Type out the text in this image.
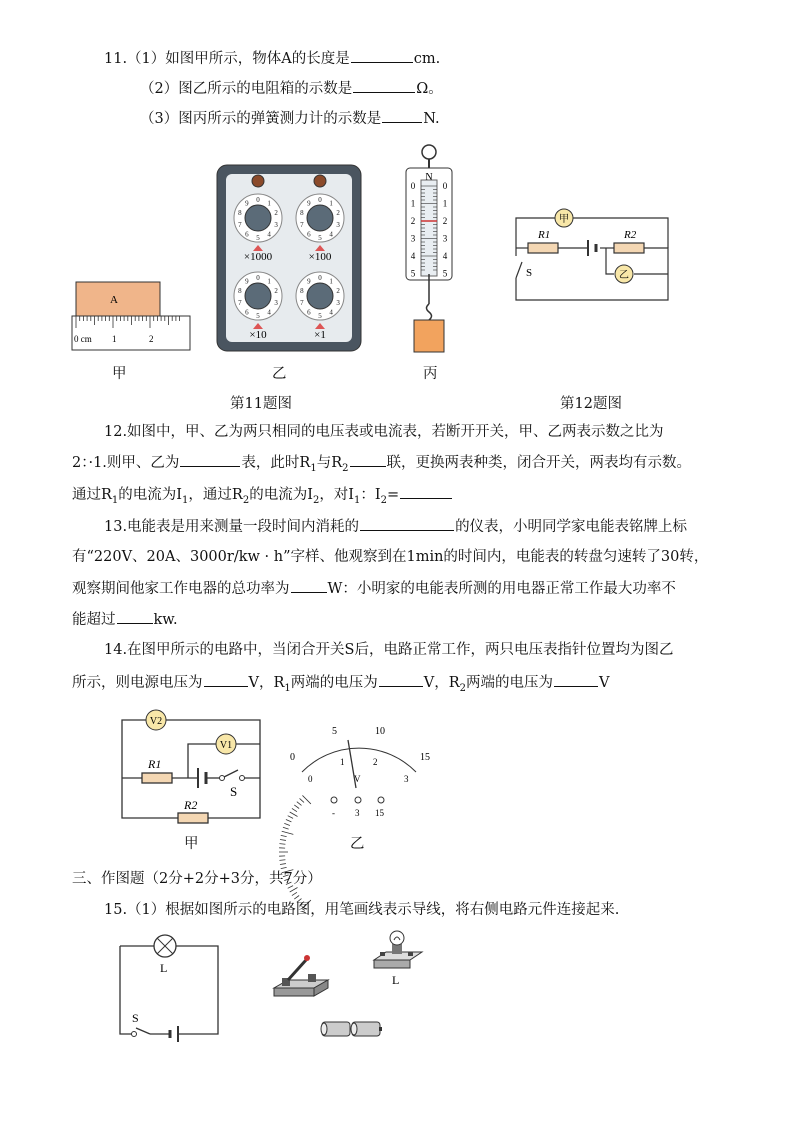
11.（1）如图甲所示，物体A的长度是	cm.
（2）图乙所示的电阻箱的示数是	Ω。
（3）图丙所示的弹簧测力计的示数是	N.
A
0 cm 1	2
甲
0 1
2
3
4
5
6
7
8
9	0 1
2
3
4
5
6
7
8
9
0 1
2
3
4
5
6
7
8
9	0 1
2
3
4
5
6
7
8
9
×1000	×100
×10	×1
乙
N
0	0
1	1
2	2
3	3
4	4
5	5
丙
第11题图
甲
乙
R1	R2
S
第12题图
12.如图中，甲、乙为两只相同的电压表或电流表，若断开开关，甲、乙两表示数之比为
2：·1.则甲、乙为	表，此时$R_1$与$R_2$	联，更换两表种类，闭合开关，两表均有示数。
通过$R_1$的电流为$I_1$，通过$R_2$的电流为$I_2$，对$I_1$：$I_2=$
13.电能表是用来测量一段时间内消耗的	的仪表，小明同学家电能表铭牌上标
有“220V、20A、3000r/kw · h”字样、他观察到在1min的时间内，电能表的转盘匀速转了30转，
观察期间他家工作电器的总功率为	W：小明家的电能表所测的用电器正常工作最大功率不
能超过	kw.
14.在图甲所示的电路中，当闭合开关S后，电路正常工作，两只电压表指针位置均为图乙
所示，则电源电压为	V，$R_1$两端的电压为	V，$R_2$两端的电压为	V
V2
V1
R1
S
R2
甲
0
5	10
15
0
1	2
3
V
- 3 15
乙
三、作图题（2分+2分+3分，共7分）
15.（1）根据如图所示的电路图，用笔画线表示导线，将右侧电路元件连接起来.
L
S
L
